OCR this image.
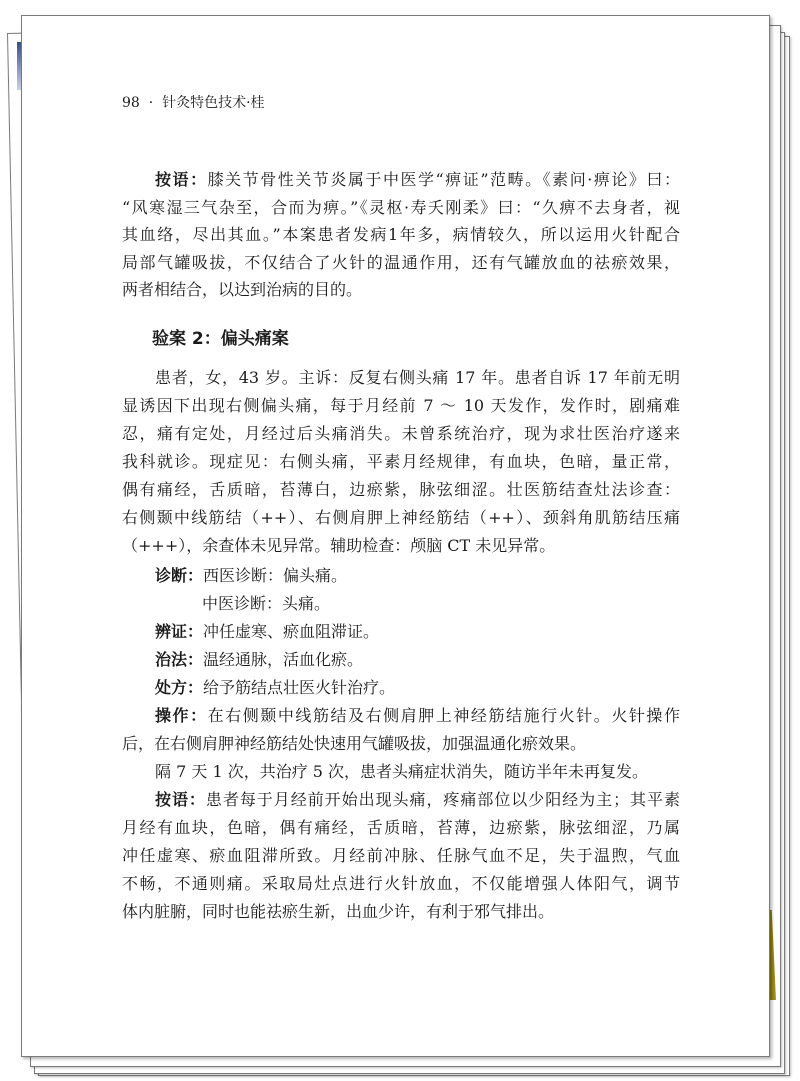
98 · 针灸特色技术·桂
按语：膝关节骨性关节炎属于中医学“痹证”范畴。《素问·痹论》曰：
“风寒湿三气杂至，合而为痹。”《灵枢·寿夭刚柔》曰：“久痹不去身者，视
其血络，尽出其血。”本案患者发病1年多，病情较久，所以运用火针配合
局部气罐吸拔，不仅结合了火针的温通作用，还有气罐放血的祛瘀效果，
两者相结合，以达到治病的目的。
验案 2：偏头痛案
患者，女，43 岁。主诉：反复右侧头痛 17 年。患者自诉 17 年前无明
显诱因下出现右侧偏头痛，每于月经前 7 ～ 10 天发作，发作时，剧痛难
忍，痛有定处，月经过后头痛消失。未曾系统治疗，现为求壮医治疗遂来
我科就诊。现症见：右侧头痛，平素月经规律，有血块，色暗，量正常，
偶有痛经，舌质暗，苔薄白，边瘀紫，脉弦细涩。壮医筋结查灶法诊查：
右侧颞中线筋结（++）、右侧肩胛上神经筋结（++）、颈斜角肌筋结压痛
（+++），余查体未见异常。辅助检查：颅脑 CT 未见异常。
诊断：西医诊断：偏头痛。
中医诊断：头痛。
辨证：冲任虚寒、瘀血阻滞证。
治法：温经通脉，活血化瘀。
处方：给予筋结点壮医火针治疗。
操作：在右侧颞中线筋结及右侧肩胛上神经筋结施行火针。火针操作
后，在右侧肩胛神经筋结处快速用气罐吸拔，加强温通化瘀效果。
隔 7 天 1 次，共治疗 5 次，患者头痛症状消失，随访半年未再复发。
按语：患者每于月经前开始出现头痛，疼痛部位以少阳经为主；其平素
月经有血块，色暗，偶有痛经，舌质暗，苔薄，边瘀紫，脉弦细涩，乃属
冲任虚寒、瘀血阻滞所致。月经前冲脉、任脉气血不足，失于温煦，气血
不畅，不通则痛。采取局灶点进行火针放血，不仅能增强人体阳气，调节
体内脏腑，同时也能祛瘀生新，出血少许，有利于邪气排出。
